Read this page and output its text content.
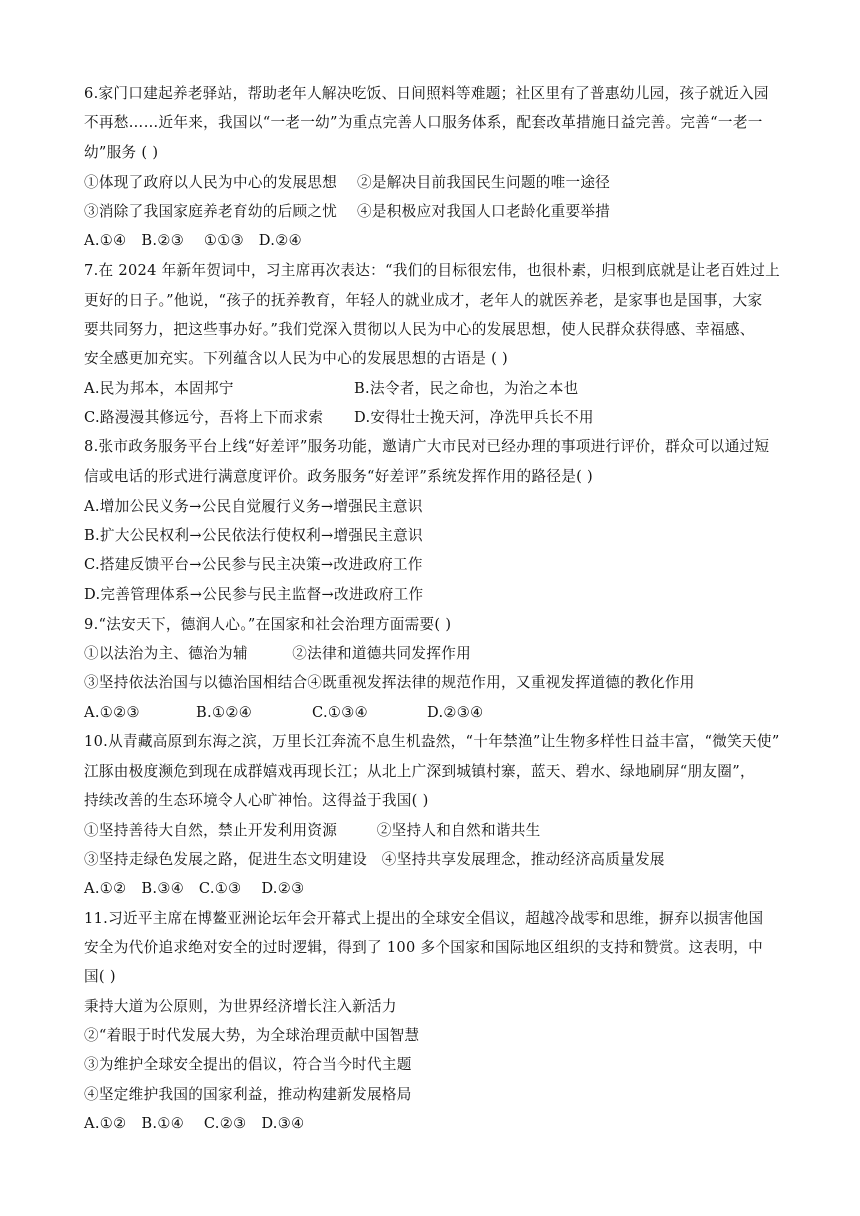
6.家门口建起养老驿站，帮助老年人解决吃饭、日间照料等难题；社区里有了普惠幼儿园，孩子就近入园
不再愁……近年来，我国以“一老一幼”为重点完善人口服务体系，配套改革措施日益完善。完善“一老一
幼”服务 ( )
①体现了政府以人民为中心的发展思想 ②是解决目前我国民生问题的唯一途径
③消除了我国家庭养老育幼的后顾之忧 ④是积极应对我国人口老龄化重要举措
A.①④   B.②③    ①①③   D.②④
7.在 2024 年新年贺词中，习主席再次表达：“我们的目标很宏伟，也很朴素，归根到底就是让老百姓过上
更好的日子。”他说，“孩子的抚养教育，年轻人的就业成才，老年人的就医养老，是家事也是国事，大家
要共同努力，把这些事办好。”我们党深入贯彻以人民为中心的发展思想，使人民群众获得感、幸福感、
安全感更加充实。下列蕴含以人民为中心的发展思想的古语是 ( )
A.民为邦本，本固邦宁	B.法令者，民之命也，为治之本也
C.路漫漫其修远兮，吾将上下而求索 D.安得壮士挽天河，净洗甲兵长不用
8.张市政务服务平台上线“好差评”服务功能，邀请广大市民对已经办理的事项进行评价，群众可以通过短
信或电话的形式进行满意度评价。政务服务“好差评”系统发挥作用的路径是( )
A.增加公民义务→公民自觉履行义务→增强民主意识
B.扩大公民权利→公民依法行使权利→增强民主意识
C.搭建反馈平台→公民参与民主决策→改进政府工作
D.完善管理体系→公民参与民主监督→改进政府工作
9.“法安天下，德润人心。”在国家和社会治理方面需要( )
①以法治为主、德治为辅         ②法律和道德共同发挥作用
③坚持依法治国与以德治国相结合④既重视发挥法律的规范作用，又重视发挥道德的教化作用
A.①②③	B.①②④	C.①③④	D.②③④
10.从青藏高原到东海之滨，万里长江奔流不息生机盎然，“十年禁渔”让生物多样性日益丰富，“微笑天使”
江豚由极度濒危到现在成群嬉戏再现长江；从北上广深到城镇村寨，蓝天、碧水、绿地刷屏“朋友圈”，
持续改善的生态环境令人心旷神怡。这得益于我国( )
①坚持善待大自然，禁止开发利用资源        ②坚持人和自然和谐共生
③坚持走绿色发展之路，促进生态文明建设   ④坚持共享发展理念，推动经济高质量发展
A.①②   B.③④   C.①③    D.②③
11.习近平主席在博鳌亚洲论坛年会开幕式上提出的全球安全倡议，超越冷战零和思维，摒弃以损害他国
安全为代价追求绝对安全的过时逻辑，得到了 100 多个国家和国际地区组织的支持和赞赏。这表明，中
国( )
秉持大道为公原则，为世界经济增长注入新活力
②“着眼于时代发展大势，为全球治理贡献中国智慧
③为维护全球安全提出的倡议，符合当今时代主题
④坚定维护我国的国家利益，推动构建新发展格局
A.①②   B.①④    C.②③   D.③④
